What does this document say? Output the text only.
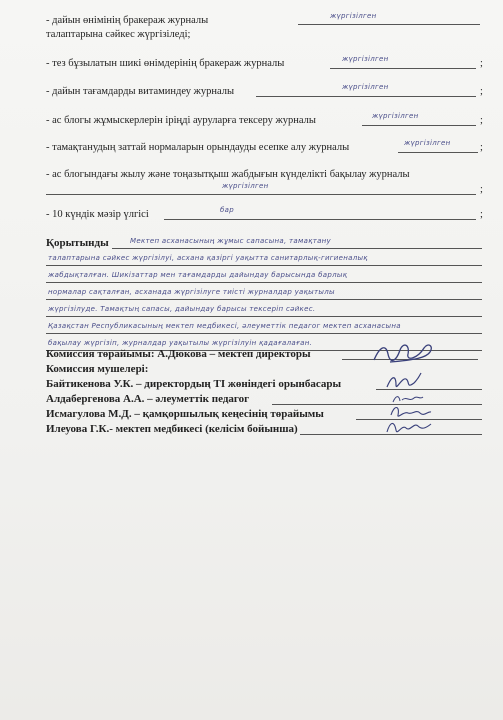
- дайын өнімінің бракераж журналы	жүргізілген
талаптарына сәйкес жүргізіледі;
- тез бұзылатын шикі өнімдерінің бракераж журналы	жүргізілген	;
- дайын тағамдарды витаминдеу журналы	жүргізілген	;
- ас блогы жұмыскерлерін іріңді ауруларға тексеру журналы	жүргізілген	;
- тамақтанудың заттай нормаларын орындауды есепке алу журналы	жүргізілген	;
- ас блогындағы жылу және тоңазытқыш жабдығын күнделікті бақылау журналы
жүргізілген	;
- 10 күндік мәзір үлгісі	бар	;
Қорытынды	Мектеп асханасының жұмыс сапасына, тамақтану
талаптарына сәйкес жүргізілуі, асхана қазіргі уақытта санитарлық-гигиеналық
жабдықталған. Шикізаттар мен тағамдарды дайындау барысында барлық
нормалар сақталған, асханада жүргізілуге тиісті журналдар уақытылы
жүргізілуде. Тамақтың сапасы, дайындау барысы тексеріп сәйкес.
Қазақстан Республикасының мектеп медбикесі, әлеуметтік педагог мектеп асханасына
бақылау жүргізіп, журналдар уақытылы жүргізілуін қадағалаған.
Комиссия төрайымы: А.Дюкова – мектеп директоры
Комиссия мушелері:
Байтикенова У.К. – директордың ТІ жөніндегі орынбасары
Алдабергенова А.А. – әлеуметтік педагог
Исмагулова М.Д. – қамқоршылық кеңесінің төрайымы
Илеуова Г.К.- мектеп медбикесі (келісім бойынша)
